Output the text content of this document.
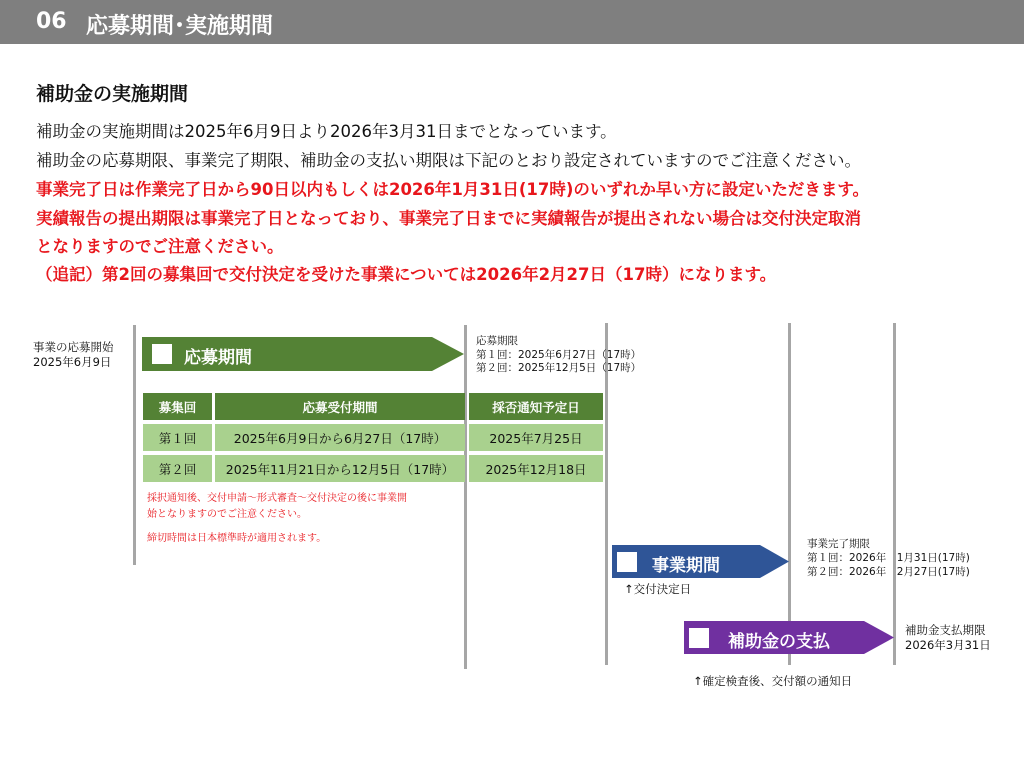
06 応募期間･実施期間
補助金の実施期間
補助金の実施期間は2025年6月9日より2026年3月31日までとなっています。
補助金の応募期限、事業完了期限、補助金の支払い期限は下記のとおり設定されていますのでご注意ください。
事業完了日は作業完了日から90日以内もしくは2026年1月31日(17時)のいずれか早い方に設定いただきます。
実績報告の提出期限は事業完了日となっており、事業完了日までに実績報告が提出されない場合は交付決定取消
となりますのでご注意ください。
（追記）第2回の募集回で交付決定を受けた事業については2026年2月27日（17時）になります。
事業の応募開始
2025年6月9日	応募期間
応募期限
第１回：2025年6月27日（17時）
第２回：2025年12月5日（17時）
募集回	応募受付期間	採否通知予定日
第１回	2025年6月9日から6月27日（17時）	2025年7月25日
第２回	2025年11月21日から12月5日（17時）	2025年12月18日
採択通知後、交付申請～形式審査～交付決定の後に事業開
始となりますのでご注意ください。
締切時間は日本標準時が適用されます。
事業期間
↑交付決定日
事業完了期限
第１回：2026年　1月31日(17時)
第２回：2026年　2月27日(17時)
補助金の支払
補助金支払期限
2026年3月31日
↑確定検査後、交付額の通知日
